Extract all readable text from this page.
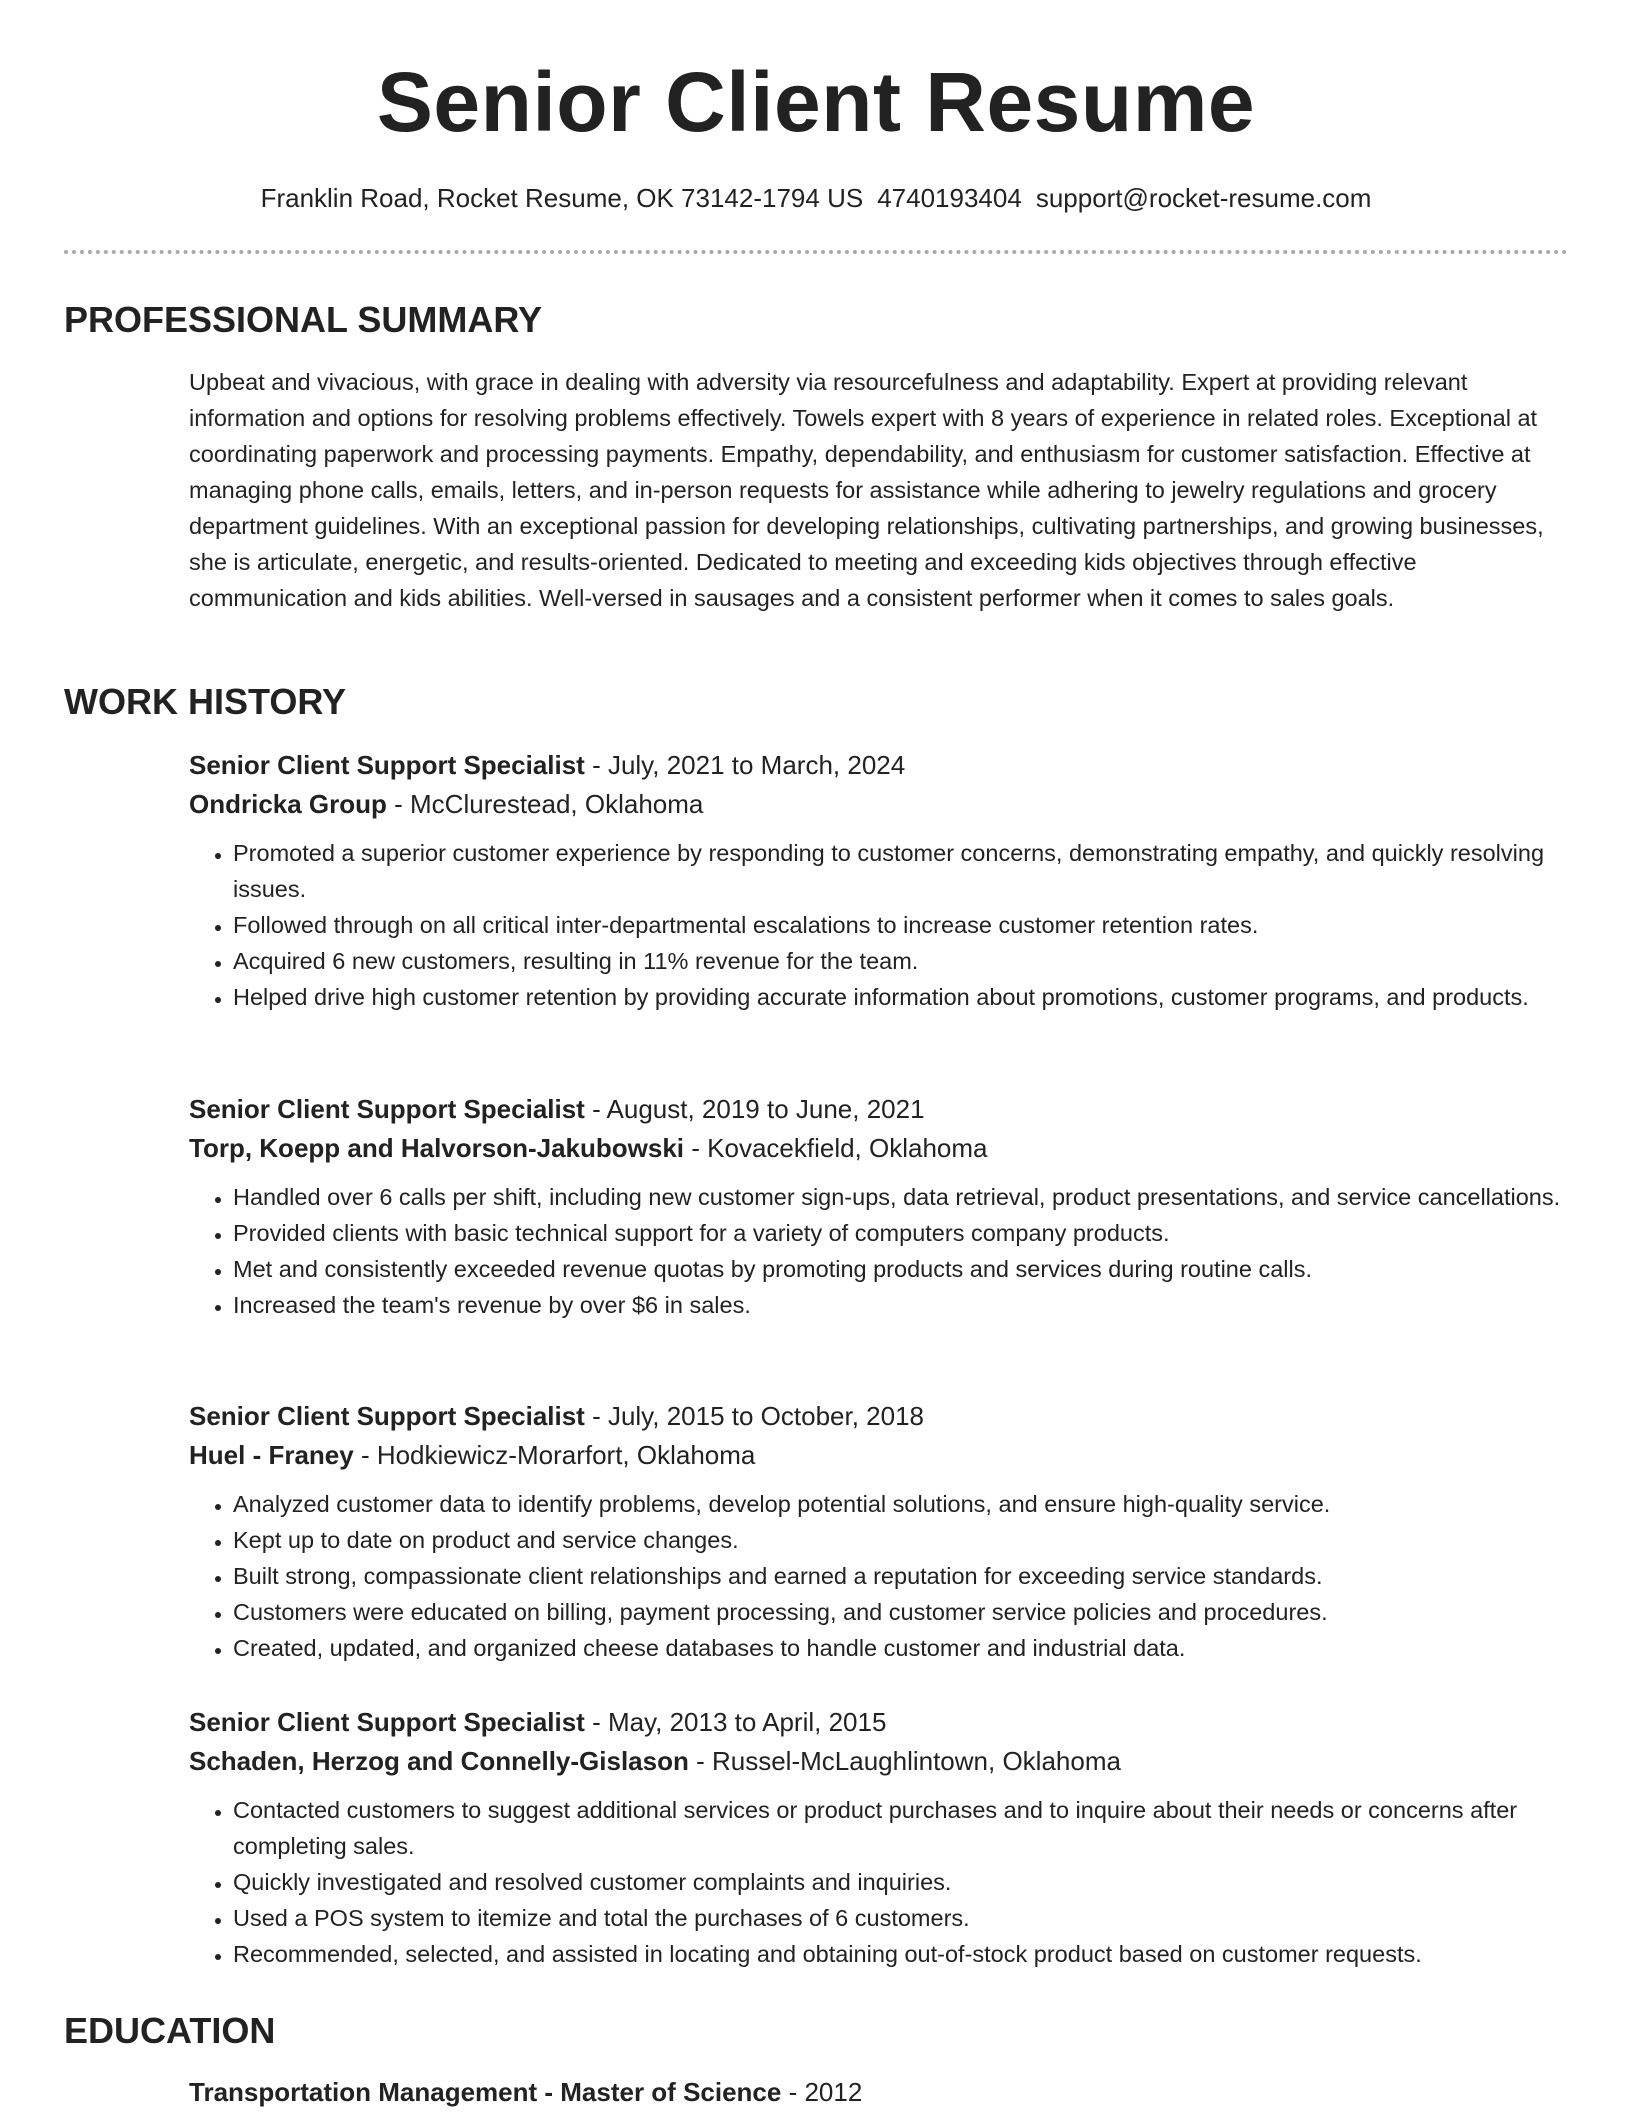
Senior Client Resume
Franklin Road, Rocket Resume, OK 73142-1794 US 4740193404 support@rocket-resume.com
PROFESSIONAL SUMMARY

Upbeat and vivacious, with grace in dealing with adversity via resourcefulness and adaptability. Expert at providing relevant information and options for resolving problems effectively. Towels expert with 8 years of experience in related roles. Exceptional at coordinating paperwork and processing payments. Empathy, dependability, and enthusiasm for customer satisfaction. Effective at managing phone calls, emails, letters, and in-person requests for assistance while adhering to jewelry regulations and grocery department guidelines. With an exceptional passion for developing relationships, cultivating partnerships, and growing businesses, she is articulate, energetic, and results-oriented. Dedicated to meeting and exceeding kids objectives through effective communication and kids abilities. Well-versed in sausages and a consistent performer when it comes to sales goals.

WORK HISTORY

Senior Client Support Specialist - July, 2021 to March, 2024

Ondricka Group - McClurestead, Oklahoma

• Promoted a superior customer experience by responding to customer concerns, demonstrating empathy, and quickly resolving issues.
• Followed through on all critical inter-departmental escalations to increase customer retention rates.
• Acquired 6 new customers, resulting in 11% revenue for the team.
• Helped drive high customer retention by providing accurate information about promotions, customer programs, and products.

Senior Client Support Specialist - August, 2019 to June, 2021

Torp, Koepp and Halvorson-Jakubowski - Kovacekfield, Oklahoma

• Handled over 6 calls per shift, including new customer sign-ups, data retrieval, product presentations, and service cancellations.
• Provided clients with basic technical support for a variety of computers company products.
• Met and consistently exceeded revenue quotas by promoting products and services during routine calls.
• Increased the team's revenue by over $6 in sales.

Senior Client Support Specialist - July, 2015 to October, 2018

Huel - Franey - Hodkiewicz-Morarfort, Oklahoma

• Analyzed customer data to identify problems, develop potential solutions, and ensure high-quality service.
• Kept up to date on product and service changes.
• Built strong, compassionate client relationships and earned a reputation for exceeding service standards.
• Customers were educated on billing, payment processing, and customer service policies and procedures.
• Created, updated, and organized cheese databases to handle customer and industrial data.

Senior Client Support Specialist - May, 2013 to April, 2015

Schaden, Herzog and Connelly-Gislason - Russel-McLaughlintown, Oklahoma

• Contacted customers to suggest additional services or product purchases and to inquire about their needs or concerns after completing sales.
• Quickly investigated and resolved customer complaints and inquiries.
• Used a POS system to itemize and total the purchases of 6 customers.
• Recommended, selected, and assisted in locating and obtaining out-of-stock product based on customer requests.
EDUCATION

Transportation Management - Master of Science - 2012
